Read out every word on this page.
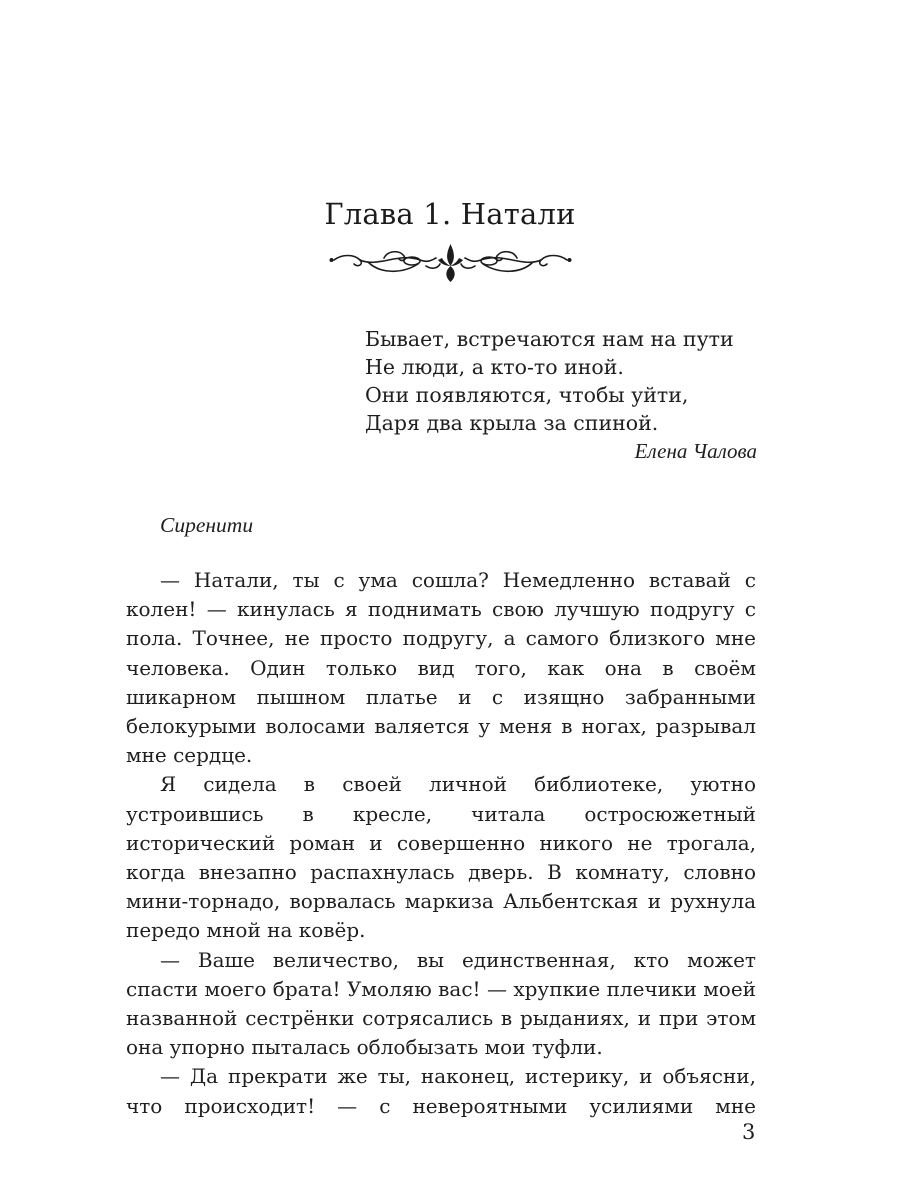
Глава 1. Натали
Бывает, встречаются нам на пути
Не люди, а кто-то иной.
Они появляются, чтобы уйти,
Даря два крыла за спиной.
Елена Чалова
Сиренити

— Натали, ты с ума сошла? Немедленно вставай с колен! — кинулась я поднимать свою лучшую подругу с пола. Точнее, не просто подругу, а самого близкого мне человека. Один только вид того, как она в своём шикарном пышном платье и с изящно забранными белокурыми волосами валяется у меня в ногах, разрывал мне сердце.

Я сидела в своей личной библиотеке, уютно устроившись в кресле, читала остросюжетный исторический роман и совершенно никого не трогала, когда внезапно распахнулась дверь. В комнату, словно мини-торнадо, ворвалась маркиза Альбентская и рухнула передо мной на ковёр.

— Ваше величество, вы единственная, кто может спасти моего брата! Умоляю вас! — хрупкие плечики моей названной сестрёнки сотрясались в рыданиях, и при этом она упорно пыталась облобызать мои туфли.

— Да прекрати же ты, наконец, истерику, и объясни, что происходит! — с невероятными усилиями мне

3
